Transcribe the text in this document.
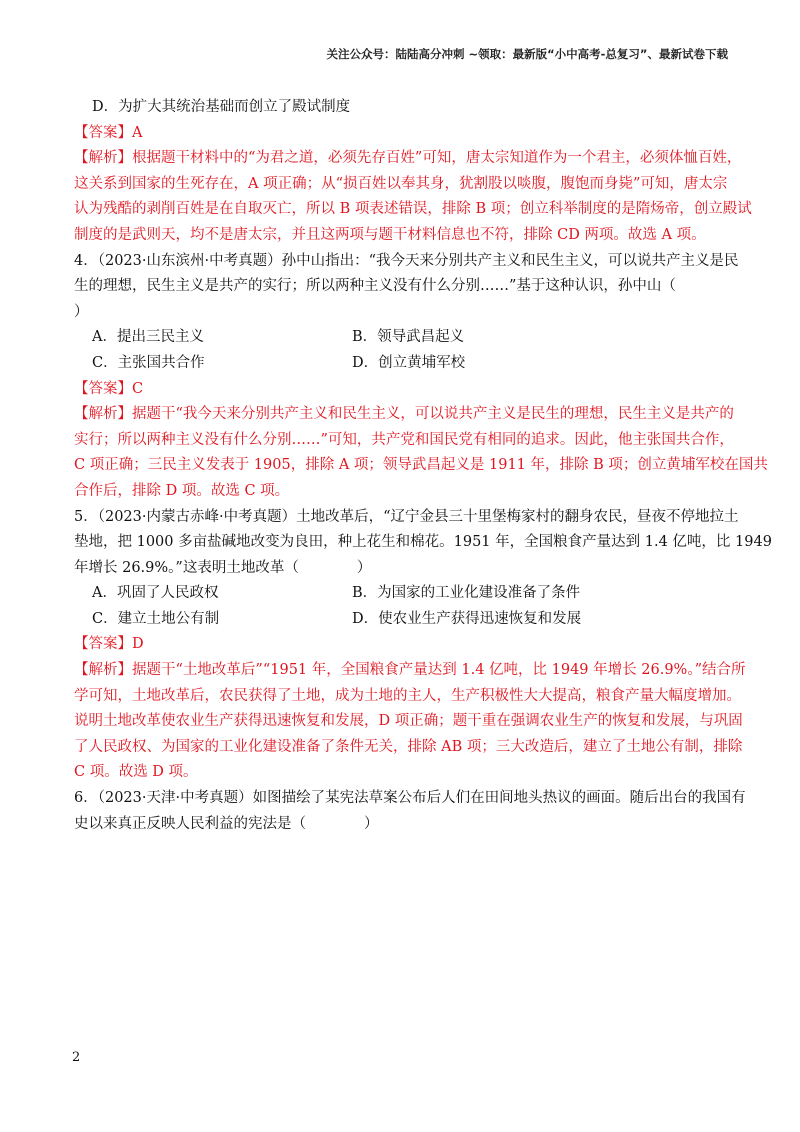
关注公众号：陆陆高分冲刺 ~领取：最新版“小中高考-总复习”、最新试卷下载
D．为扩大其统治基础而创立了殿试制度
【答案】A
【解析】根据题干材料中的“为君之道，必须先存百姓”可知，唐太宗知道作为一个君主，必须体恤百姓，
这关系到国家的生死存在，A 项正确；从“损百姓以奉其身，犹割股以啖腹，腹饱而身毙”可知，唐太宗
认为残酷的剥削百姓是在自取灭亡，所以 B 项表述错误，排除 B 项；创立科举制度的是隋炀帝，创立殿试
制度的是武则天，均不是唐太宗，并且这两项与题干材料信息也不符，排除 CD 两项。故选 A 项。
4．（2023·山东滨州·中考真题）孙中山指出：“我今天来分别共产主义和民生主义，可以说共产主义是民
生的理想，民生主义是共产的实行；所以两种主义没有什么分别……”基于这种认识，孙中山（
）
A．提出三民主义	B．领导武昌起义
C．主张国共合作	D．创立黄埔军校
【答案】C
【解析】据题干“我今天来分别共产主义和民生主义，可以说共产主义是民生的理想，民生主义是共产的
实行；所以两种主义没有什么分别……”可知，共产党和国民党有相同的追求。因此，他主张国共合作，
C 项正确；三民主义发表于 1905，排除 A 项；领导武昌起义是 1911 年，排除 B 项；创立黄埔军校在国共
合作后，排除 D 项。故选 C 项。
5．（2023·内蒙古赤峰·中考真题）土地改革后，“辽宁金县三十里堡梅家村的翻身农民，昼夜不停地拉土
垫地，把 1000 多亩盐碱地改变为良田，种上花生和棉花。1951 年，全国粮食产量达到 1.4 亿吨，比 1949
年增长 26.9%。”这表明土地改革（　　　　）
A．巩固了人民政权	B．为国家的工业化建设准备了条件
C．建立土地公有制	D．使农业生产获得迅速恢复和发展
【答案】D
【解析】据题干“土地改革后”“1951 年，全国粮食产量达到 1.4 亿吨，比 1949 年增长 26.9%。”结合所
学可知，土地改革后，农民获得了土地，成为土地的主人，生产积极性大大提高，粮食产量大幅度增加。
说明土地改革使农业生产获得迅速恢复和发展，D 项正确；题干重在强调农业生产的恢复和发展，与巩固
了人民政权、为国家的工业化建设准备了条件无关，排除 AB 项；三大改造后，建立了土地公有制，排除
C 项。故选 D 项。
6．（2023·天津·中考真题）如图描绘了某宪法草案公布后人们在田间地头热议的画面。随后出台的我国有
史以来真正反映人民利益的宪法是（　　　　）
2
